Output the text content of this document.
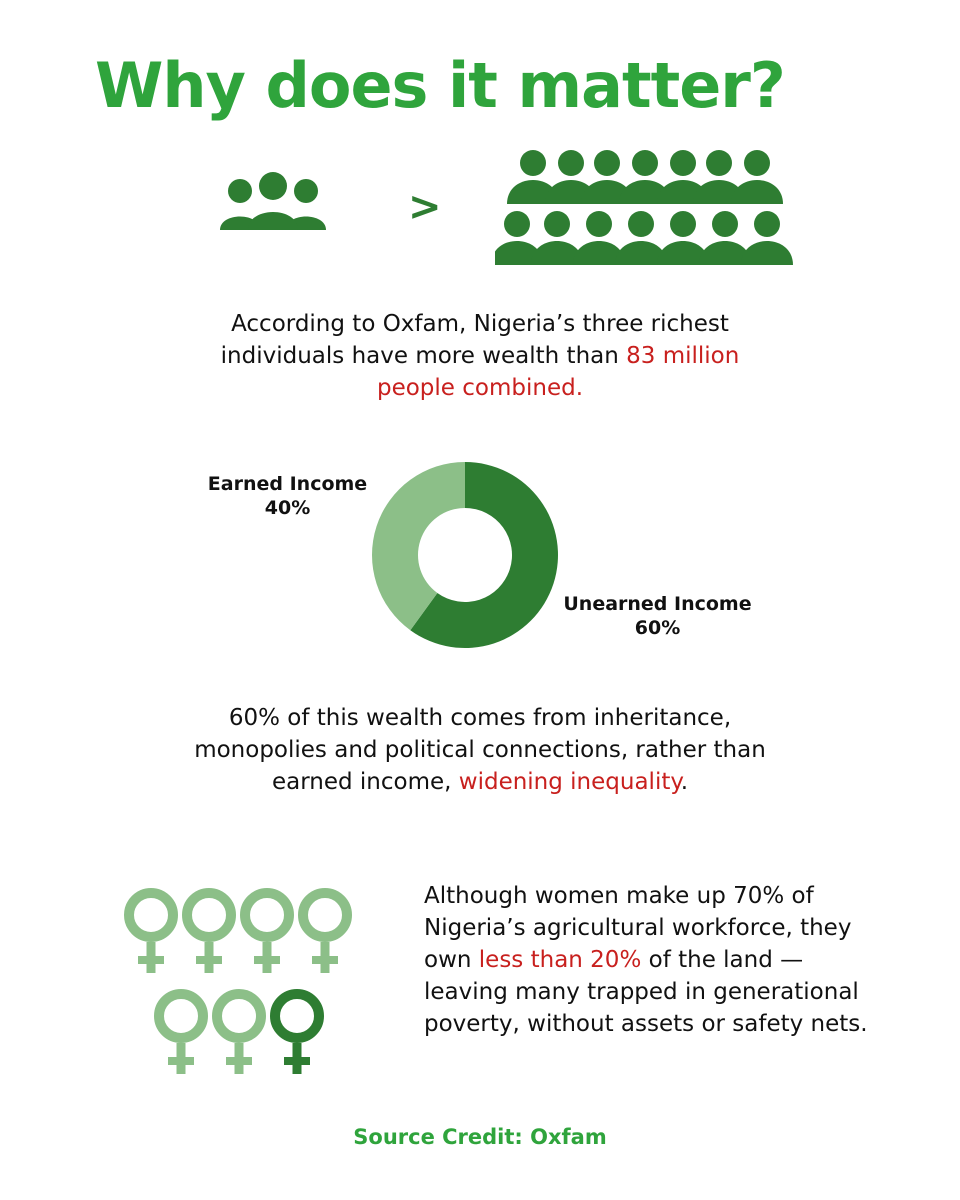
Why does it matter?
>

According to Oxfam, Nigeria’s three richest individuals have more wealth than 83 million people combined.

Earned Income
40%
Unearned Income
60%

60% of this wealth comes from inheritance, monopolies and political connections, rather than earned income, widening inequality.

Although women make up 70% of Nigeria’s agricultural workforce, they own less than 20% of the land —leaving many trapped in generational poverty, without assets or safety nets.

Source Credit: Oxfam
